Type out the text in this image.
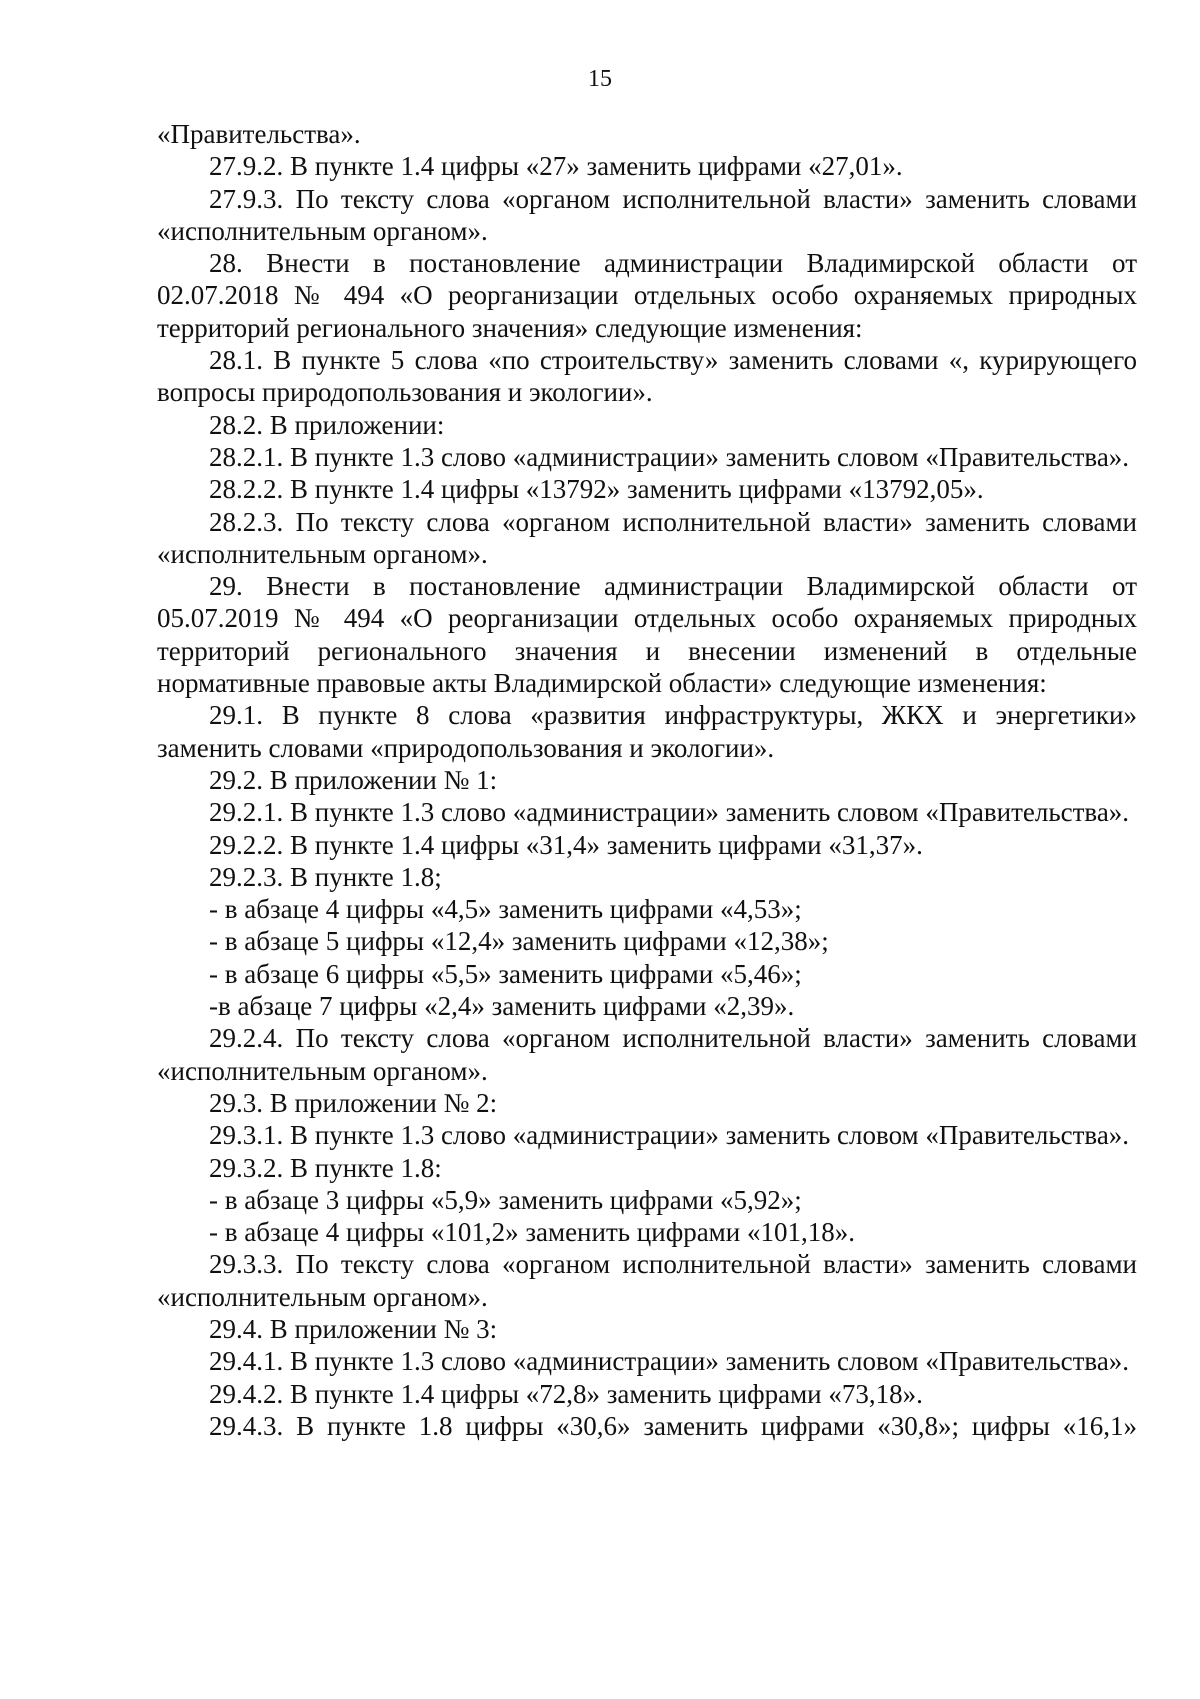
15

«Правительства».

27.9.2. В пункте 1.4 цифры «27» заменить цифрами «27,01».

27.9.3. По тексту слова «органом исполнительной власти» заменить словами «исполнительным органом».

28. Внести в постановление администрации Владимирской области от 02.07.2018 № 494 «О реорганизации отдельных особо охраняемых природных территорий регионального значения» следующие изменения:

28.1. В пункте 5 слова «по строительству» заменить словами «, курирующего вопросы природопользования и экологии».

28.2. В приложении:

28.2.1. В пункте 1.3 слово «администрации» заменить словом «Правительства».

28.2.2. В пункте 1.4 цифры «13792» заменить цифрами «13792,05».

28.2.3. По тексту слова «органом исполнительной власти» заменить словами «исполнительным органом».

29. Внести в постановление администрации Владимирской области от 05.07.2019 № 494 «О реорганизации отдельных особо охраняемых природных территорий регионального значения и внесении изменений в отдельные нормативные правовые акты Владимирской области» следующие изменения:

29.1. В пункте 8 слова «развития инфраструктуры, ЖКХ и энергетики» заменить словами «природопользования и экологии».

29.2. В приложении № 1:

29.2.1. В пункте 1.3 слово «администрации» заменить словом «Правительства».

29.2.2. В пункте 1.4 цифры «31,4» заменить цифрами «31,37».

29.2.3. В пункте 1.8;

- в абзаце 4 цифры «4,5» заменить цифрами «4,53»;

- в абзаце 5 цифры «12,4» заменить цифрами «12,38»;

- в абзаце 6 цифры «5,5» заменить цифрами «5,46»;

-в абзаце 7 цифры «2,4» заменить цифрами «2,39».

29.2.4. По тексту слова «органом исполнительной власти» заменить словами «исполнительным органом».

29.3. В приложении № 2:

29.3.1. В пункте 1.3 слово «администрации» заменить словом «Правительства».

29.3.2. В пункте 1.8:

- в абзаце 3 цифры «5,9» заменить цифрами «5,92»;

- в абзаце 4 цифры «101,2» заменить цифрами «101,18».

29.3.3. По тексту слова «органом исполнительной власти» заменить словами «исполнительным органом».

29.4. В приложении № 3:

29.4.1. В пункте 1.3 слово «администрации» заменить словом «Правительства».

29.4.2. В пункте 1.4 цифры «72,8» заменить цифрами «73,18».

29.4.3. В пункте 1.8 цифры «30,6» заменить цифрами «30,8»; цифры «16,1»
